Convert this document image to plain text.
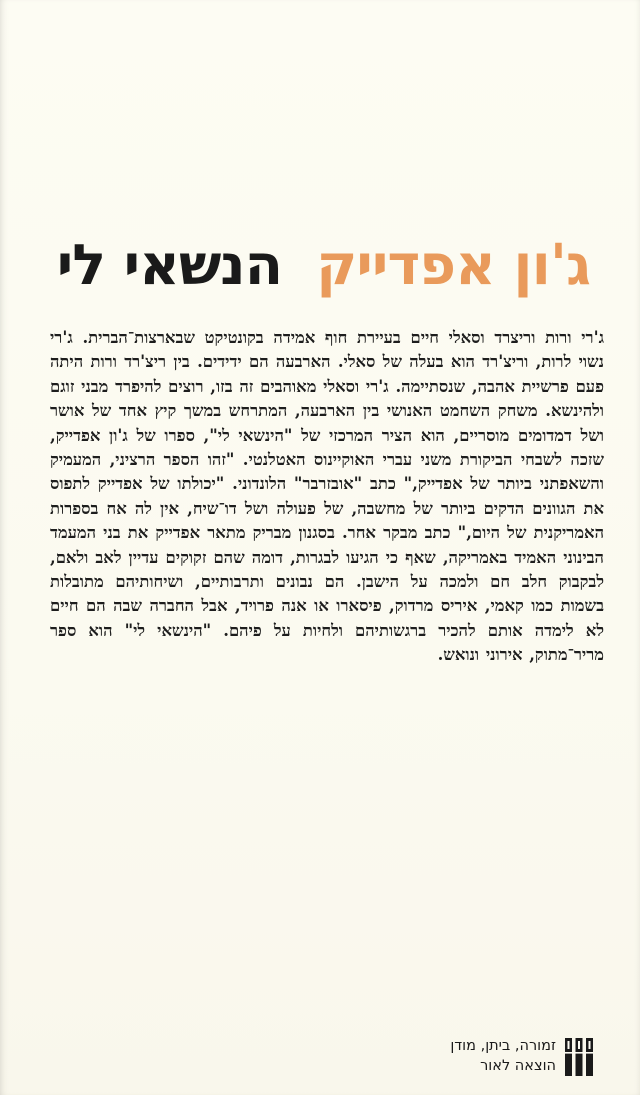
ג'ון אפדייק
הנשאי לי
ג'רי ורות וריצרד וסאלי חיים בעיירת חוף אמידה בקונטיקט שבארצות־הברית. ג'רי נשוי לרות, וריצ'רד הוא בעלה של סאלי. הארבעה הם ידידים. בין ריצ'רד ורות היתה פעם פרשיית אהבה, שנסתיימה. ג'רי וסאלי מאוהבים זה בזו, רוצים להיפרד מבני זוגם ולהינשא. משחק השחמט האנושי בין הארבעה, המתרחש במשך קיץ אחד של אושר ושל דמדומים מוסריים, הוא הציר המרכזי של "הינשאי לי", ספרו של ג'ון אפדייק, שזכה לשבחי הביקורת משני עברי האוקיינוס האטלנטי. "זהו הספר הרציני, המעמיק והשאפתני ביותר של אפדייק," כתב "אובזרבר" הלונדוני. "יכולתו של אפדייק לתפוס את הגוונים הדקים ביותר של מחשבה, של פעולה ושל דו־שיח, אין לה אח בספרות האמריקנית של היום," כתב מבקר אחר. בסגנון מבריק מתאר אפדייק את בני המעמד הבינוני האמיד באמריקה, שאף כי הגיעו לבגרות, דומה שהם זקוקים עדיין לאב ולאם, לבקבוק חלב חם ולמכה על הישבן. הם נבונים ותרבותיים, ושיחותיהם מתובלות בשמות כמו קאמי, איריס מרדוק, פיסארו או אנה פרויד, אבל החברה שבה הם חיים לא לימדה אותם להכיר ברגשותיהם ולחיות על פיהם. "הינשאי לי" הוא ספר מריר־מתוק, אירוני ונואש.
זמורה, ביתן, מודן
הוצאה לאור
